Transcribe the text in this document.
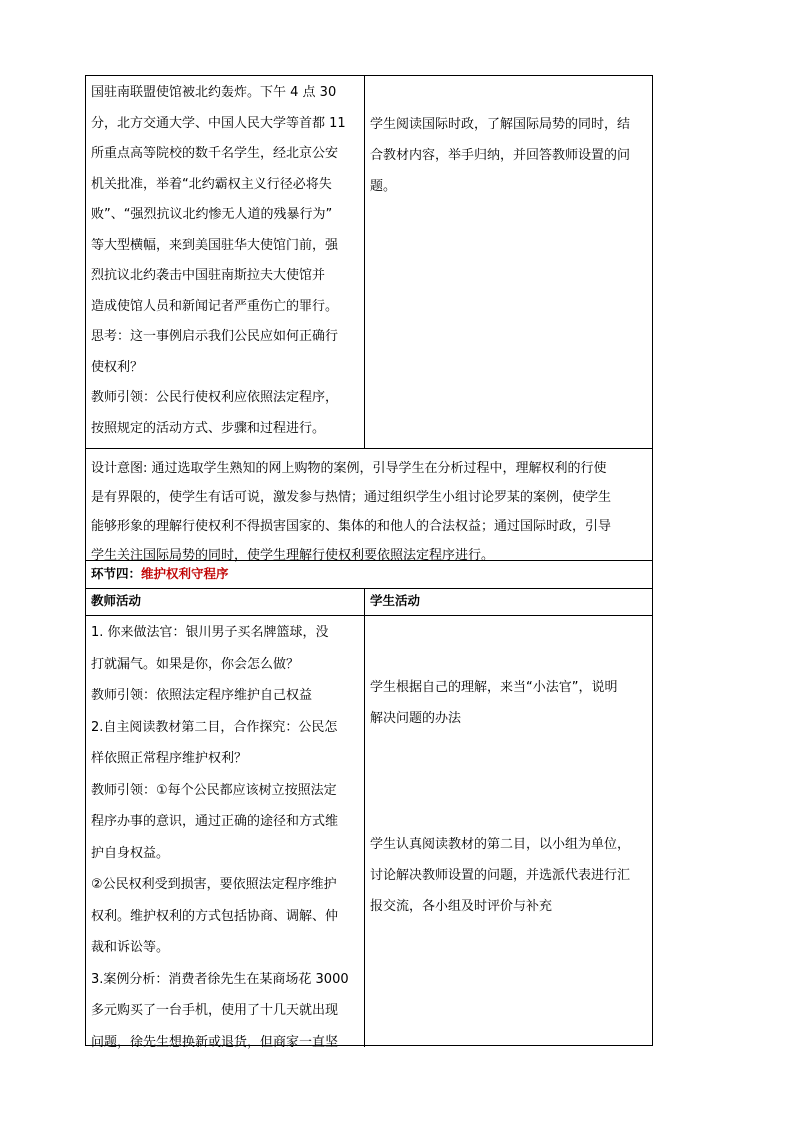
国驻南联盟使馆被北约轰炸。下午 4 点 30

分，北方交通大学、中国人民大学等首都 11

所重点高等院校的数千名学生，经北京公安

机关批准，举着“北约霸权主义行径必将失

败”、“强烈抗议北约惨无人道的残暴行为”

等大型横幅，来到美国驻华大使馆门前，强

烈抗议北约袭击中国驻南斯拉夫大使馆并

造成使馆人员和新闻记者严重伤亡的罪行。

思考：这一事例启示我们公民应如何正确行

使权利？

教师引领：公民行使权利应依照法定程序，

按照规定的活动方式、步骤和过程进行。

学生阅读国际时政，了解国际局势的同时，结

合教材内容，举手归纳，并回答教师设置的问

题。

设计意图: 通过选取学生熟知的网上购物的案例，引导学生在分析过程中，理解权利的行使

是有界限的，使学生有话可说，激发参与热情；通过组织学生小组讨论罗某的案例，使学生

能够形象的理解行使权利不得损害国家的、集体的和他人的合法权益；通过国际时政，引导

学生关注国际局势的同时，使学生理解行使权利要依照法定程序进行。

环节四：维护权利守程序
教师活动	学生活动

1. 你来做法官：银川男子买名牌篮球，没

打就漏气。如果是你，你会怎么做？

教师引领：依照法定程序维护自己权益

2.自主阅读教材第二目，合作探究：公民怎

样依照正常程序维护权利？

教师引领：①每个公民都应该树立按照法定

程序办事的意识，通过正确的途径和方式维

护自身权益。

②公民权利受到损害，要依照法定程序维护

权利。维护权利的方式包括协商、调解、仲

裁和诉讼等。

3.案例分析：消费者徐先生在某商场花 3000

多元购买了一台手机，使用了十几天就出现

问题，徐先生想换新或退货，但商家一直坚

学生根据自己的理解，来当“小法官”，说明

解决问题的办法

学生认真阅读教材的第二目，以小组为单位，

讨论解决教师设置的问题，并选派代表进行汇

报交流，各小组及时评价与补充
